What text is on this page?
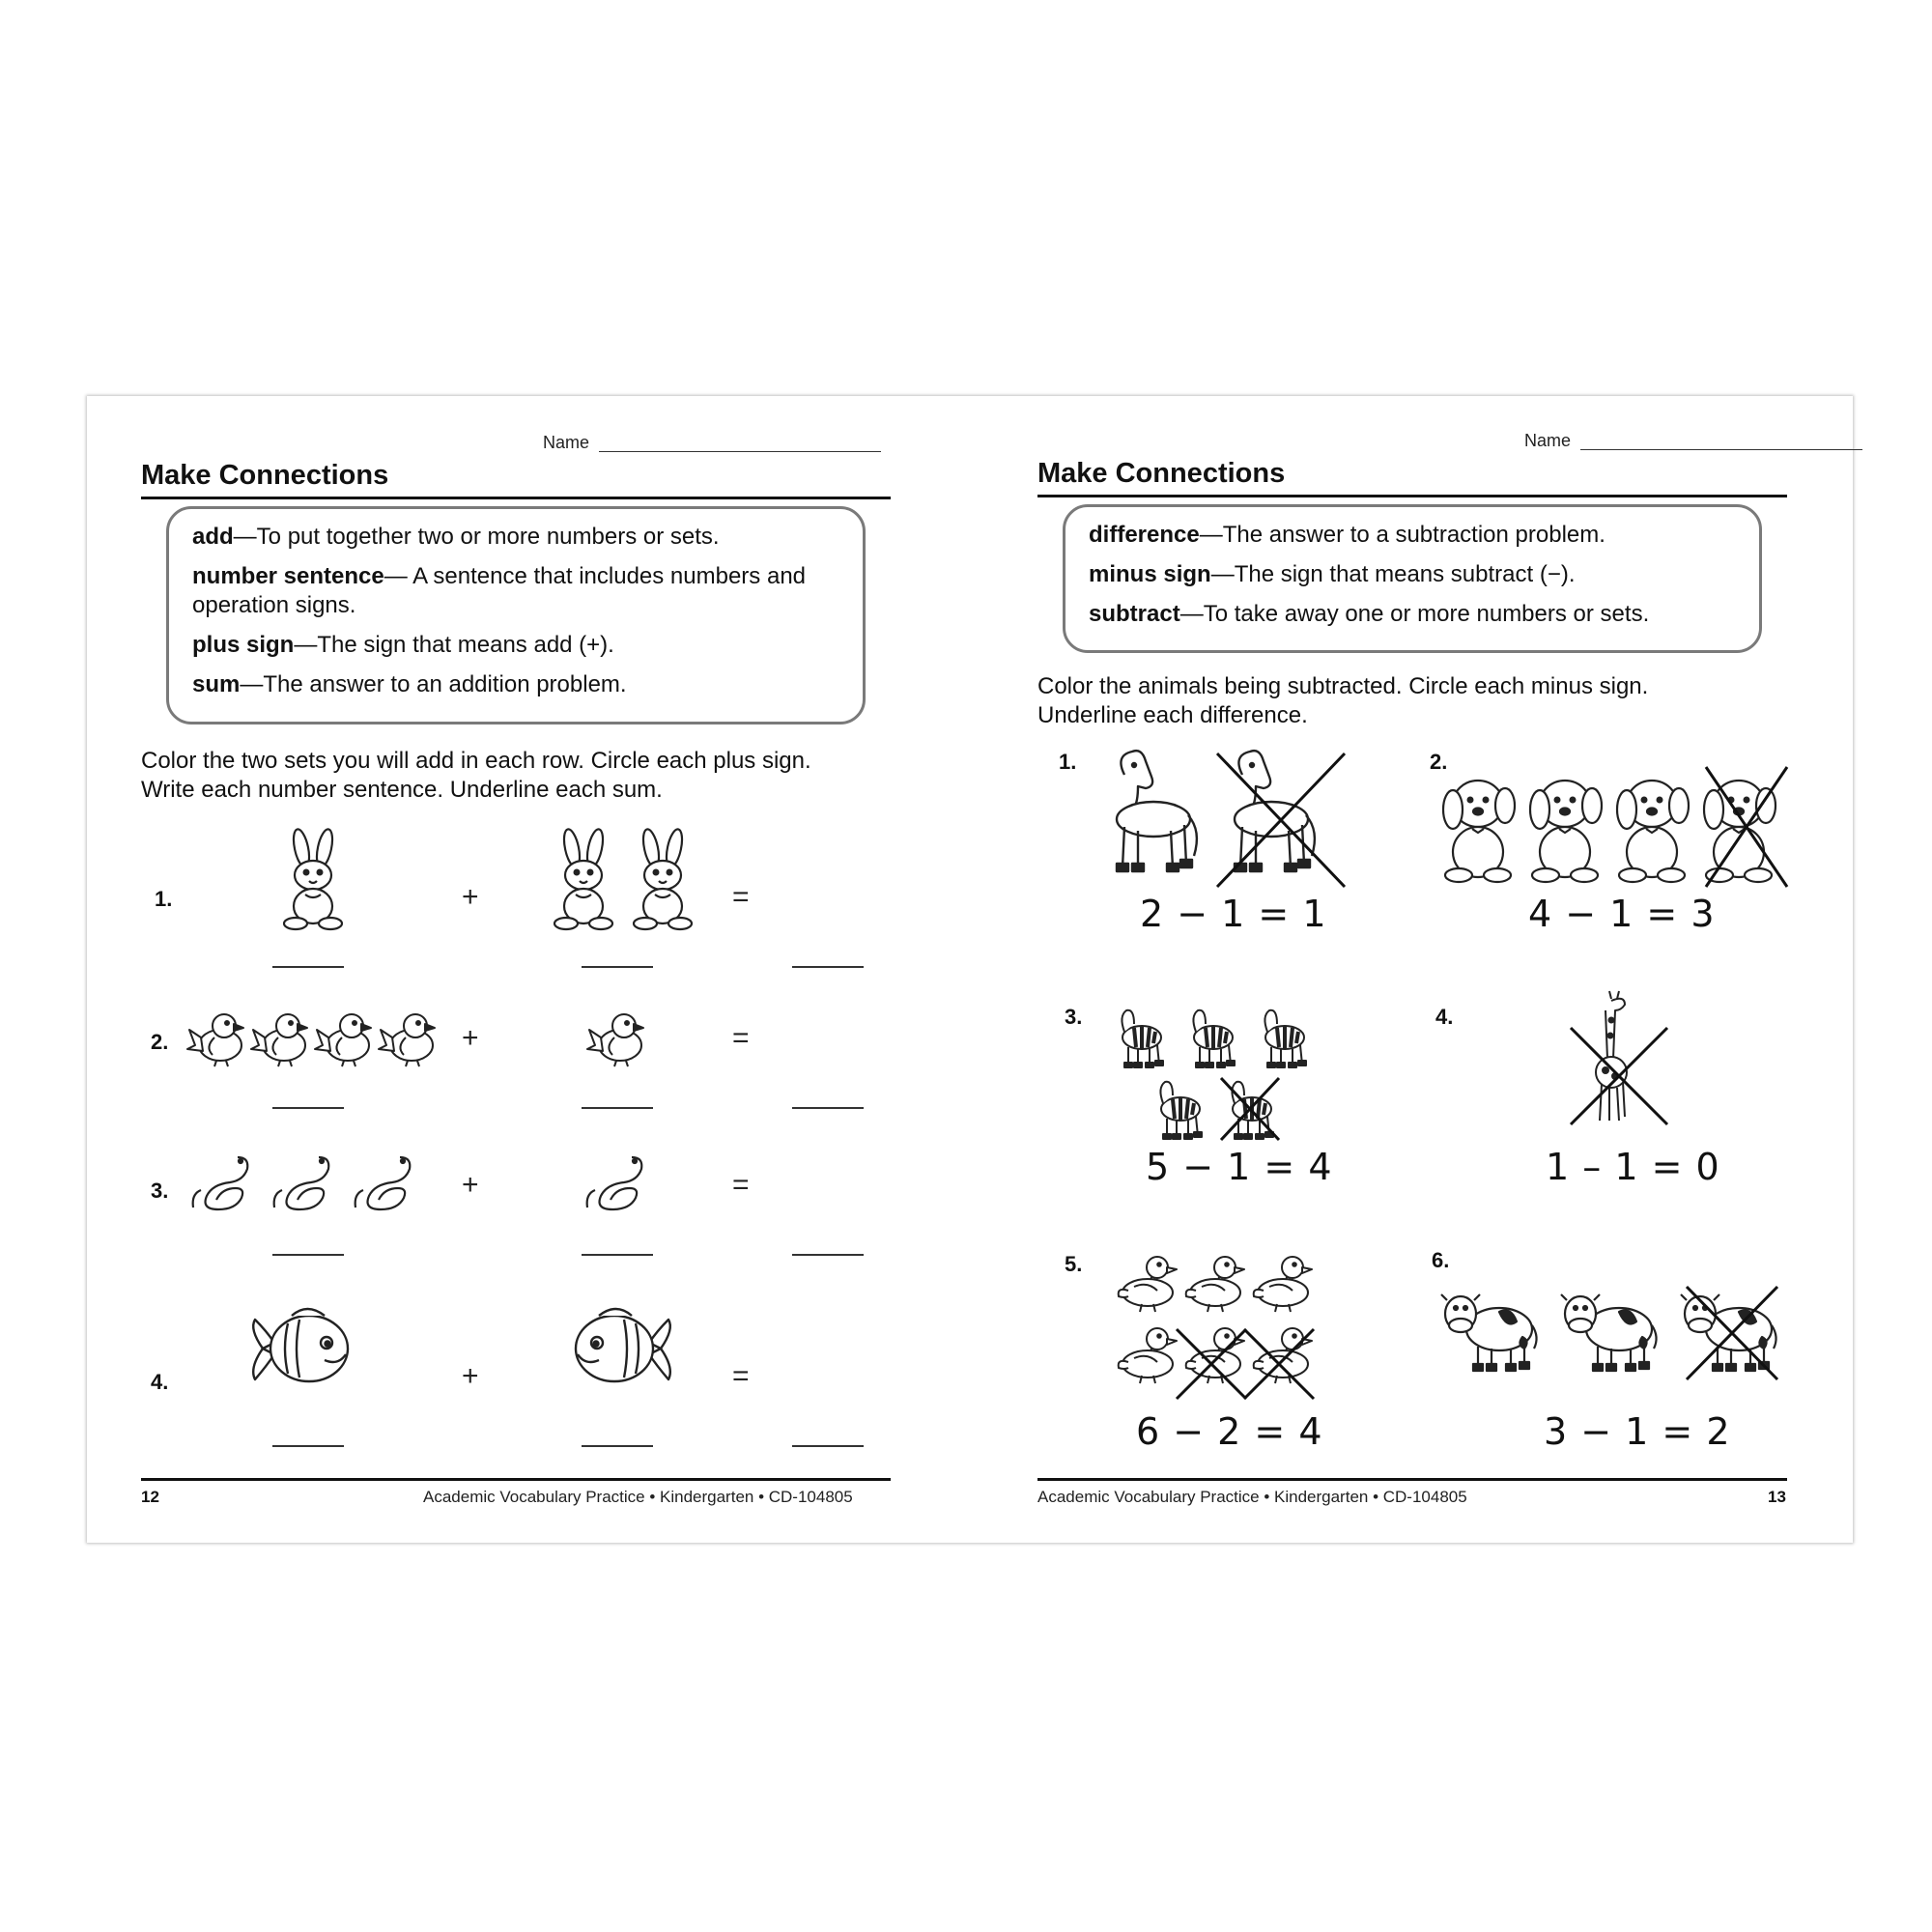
Name
Make Connections

add—To put together two or more numbers or sets.

number sentence— A sentence that includes numbers and operation signs.

plus sign—The sign that means add (+).

sum—The answer to an addition problem.

Color the two sets you will add in each row. Circle each plus sign.
Write each number sentence. Underline each sum.
1.	+	=
2.	+	=
3.	+	=
4.	+	=
12	Academic Vocabulary Practice • Kindergarten • CD-104805
Name
Make Connections

difference—The answer to a subtraction problem.

minus sign—The sign that means subtract (−).

subtract—To take away one or more numbers or sets.

Color the animals being subtracted. Circle each minus sign.
Underline each difference.
1.
2 − 1 = 1
2.
4 − 1 = 3
3.
5 − 1 = 4
4.
1 – 1 = 0
5.
6 − 2 = 4
6.
3 − 1 = 2
Academic Vocabulary Practice • Kindergarten • CD-104805	13
